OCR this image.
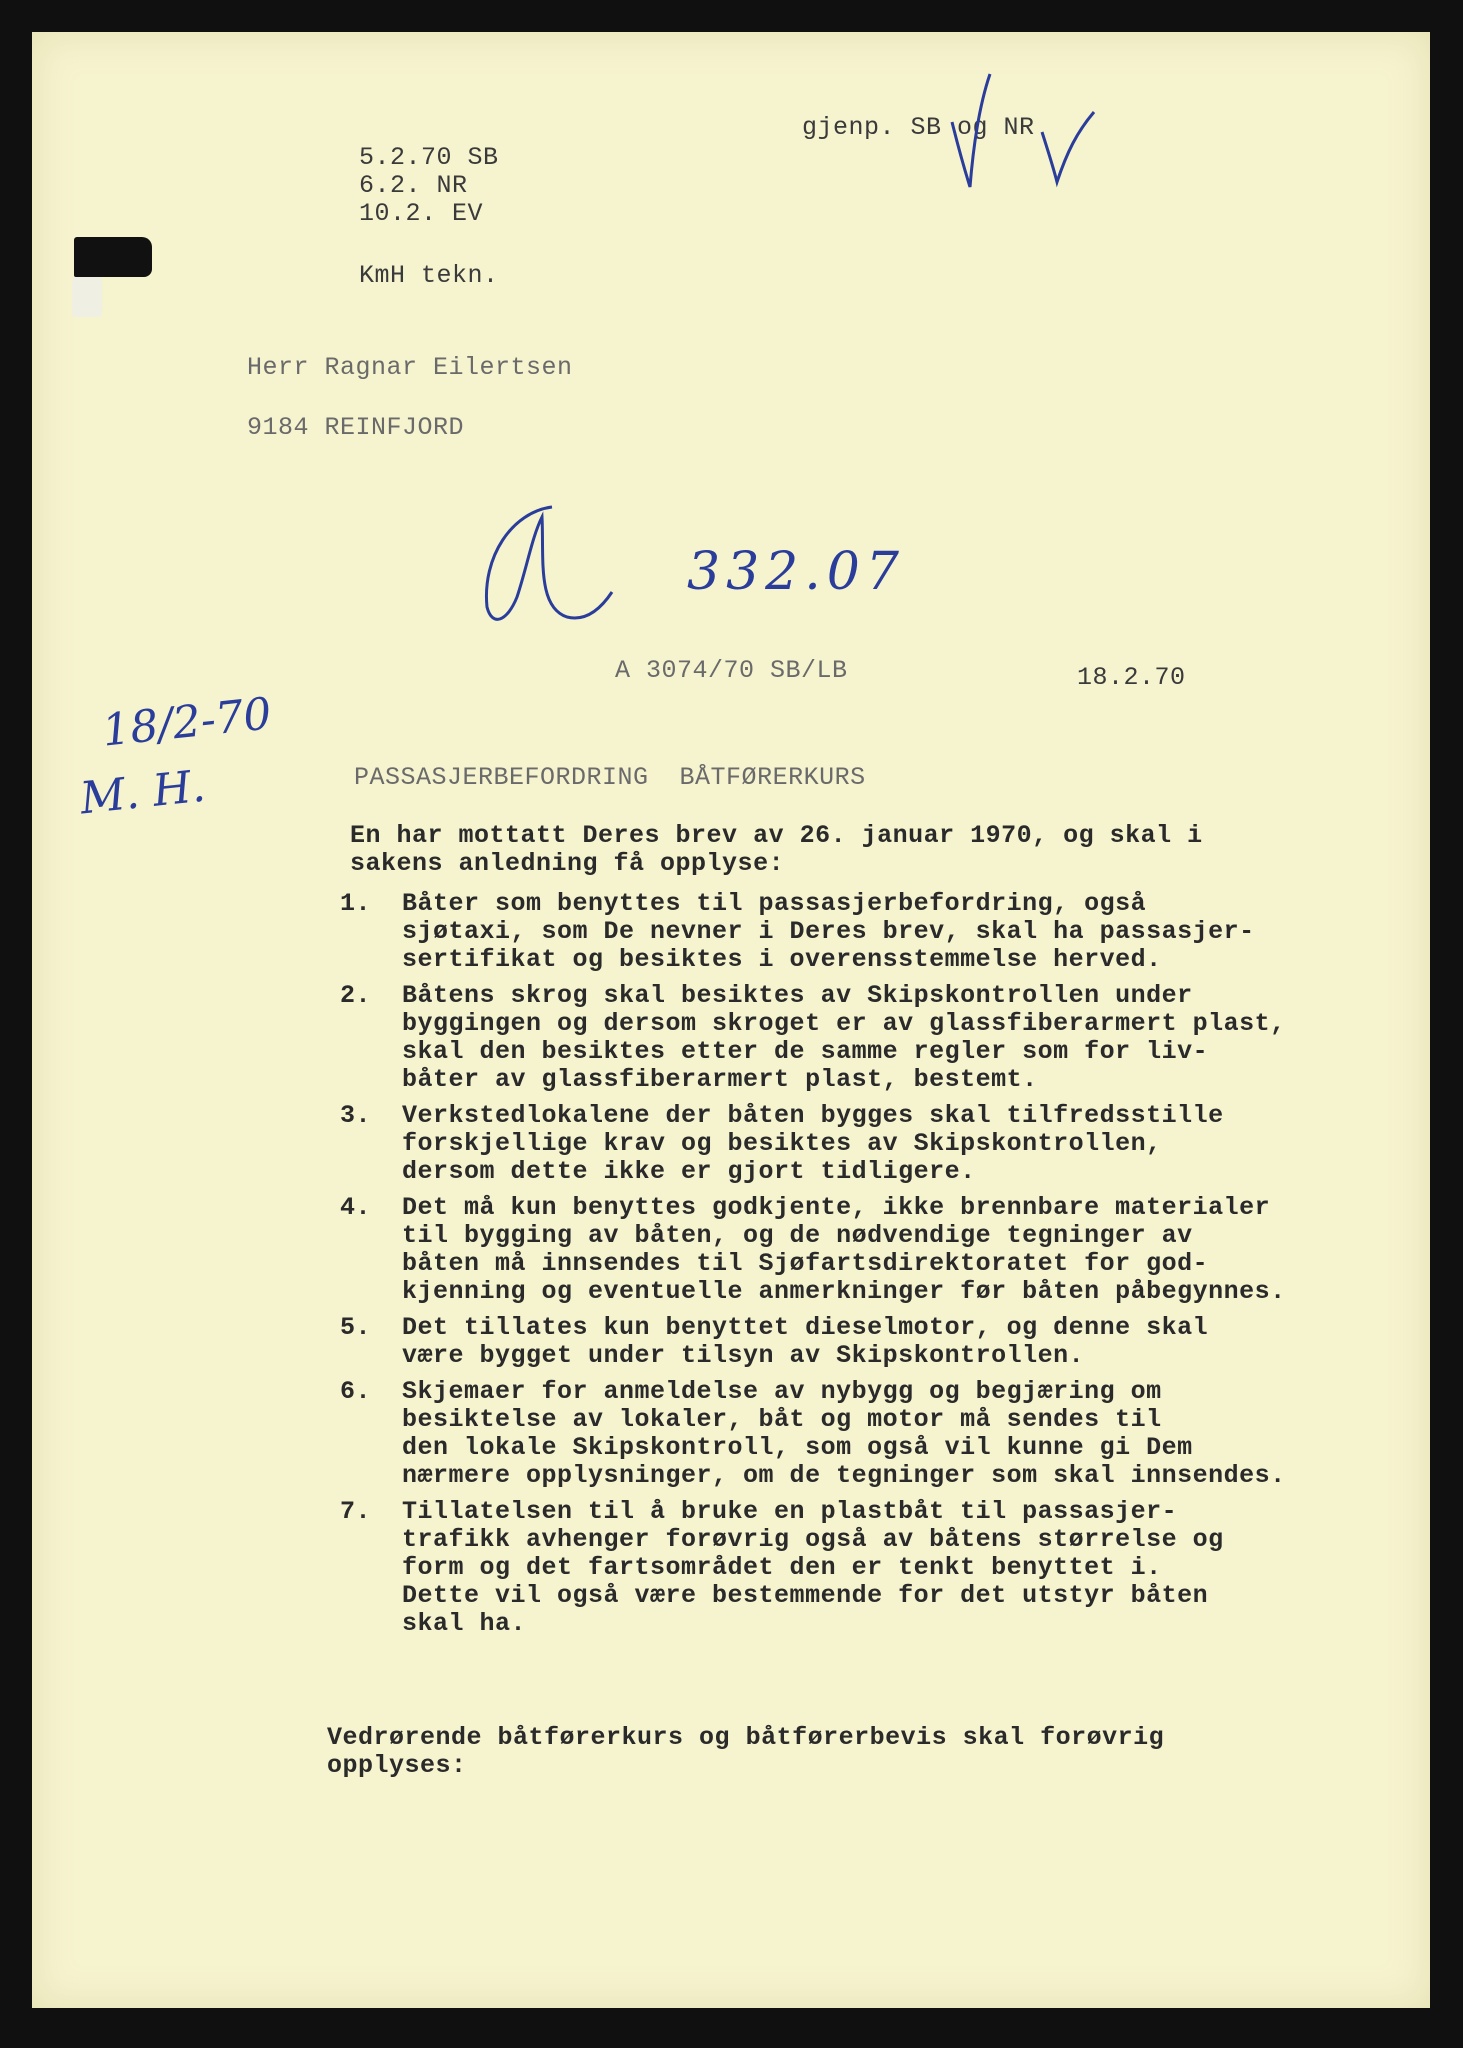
gjenp. SB og NR
5.2.70 SB
6.2. NR
10.2. EV
KmH tekn.
Herr Ragnar Eilertsen
9184 REINFJORD
332.07
A 3074/70 SB/LB	18.2.70
18/2-70
M. H.	PASSASJERBEFORDRING  BÅTFØRERKURS
En har mottatt Deres brev av 26. januar 1970, og skal i
sakens anledning få opplyse:

1.

Båter som benyttes til passasjerbefordring, også
sjøtaxi, som De nevner i Deres brev, skal ha passasjer-
sertifikat og besiktes i overensstemmelse herved.

2.

Båtens skrog skal besiktes av Skipskontrollen under
byggingen og dersom skroget er av glassfiberarmert plast,
skal den besiktes etter de samme regler som for liv-
båter av glassfiberarmert plast, bestemt.

3.

Verkstedlokalene der båten bygges skal tilfredsstille
forskjellige krav og besiktes av Skipskontrollen,
dersom dette ikke er gjort tidligere.

4.

Det må kun benyttes godkjente, ikke brennbare materialer
til bygging av båten, og de nødvendige tegninger av
båten må innsendes til Sjøfartsdirektoratet for god-
kjenning og eventuelle anmerkninger før båten påbegynnes.

5.

Det tillates kun benyttet dieselmotor, og denne skal
være bygget under tilsyn av Skipskontrollen.

6.

Skjemaer for anmeldelse av nybygg og begjæring om
besiktelse av lokaler, båt og motor må sendes til
den lokale Skipskontroll, som også vil kunne gi Dem
nærmere opplysninger, om de tegninger som skal innsendes.

7.

Tillatelsen til å bruke en plastbåt til passasjer-
trafikk avhenger forøvrig også av båtens størrelse og
form og det fartsområdet den er tenkt benyttet i.
Dette vil også være bestemmende for det utstyr båten
skal ha.

Vedrørende båtførerkurs og båtførerbevis skal forøvrig
opplyses:
